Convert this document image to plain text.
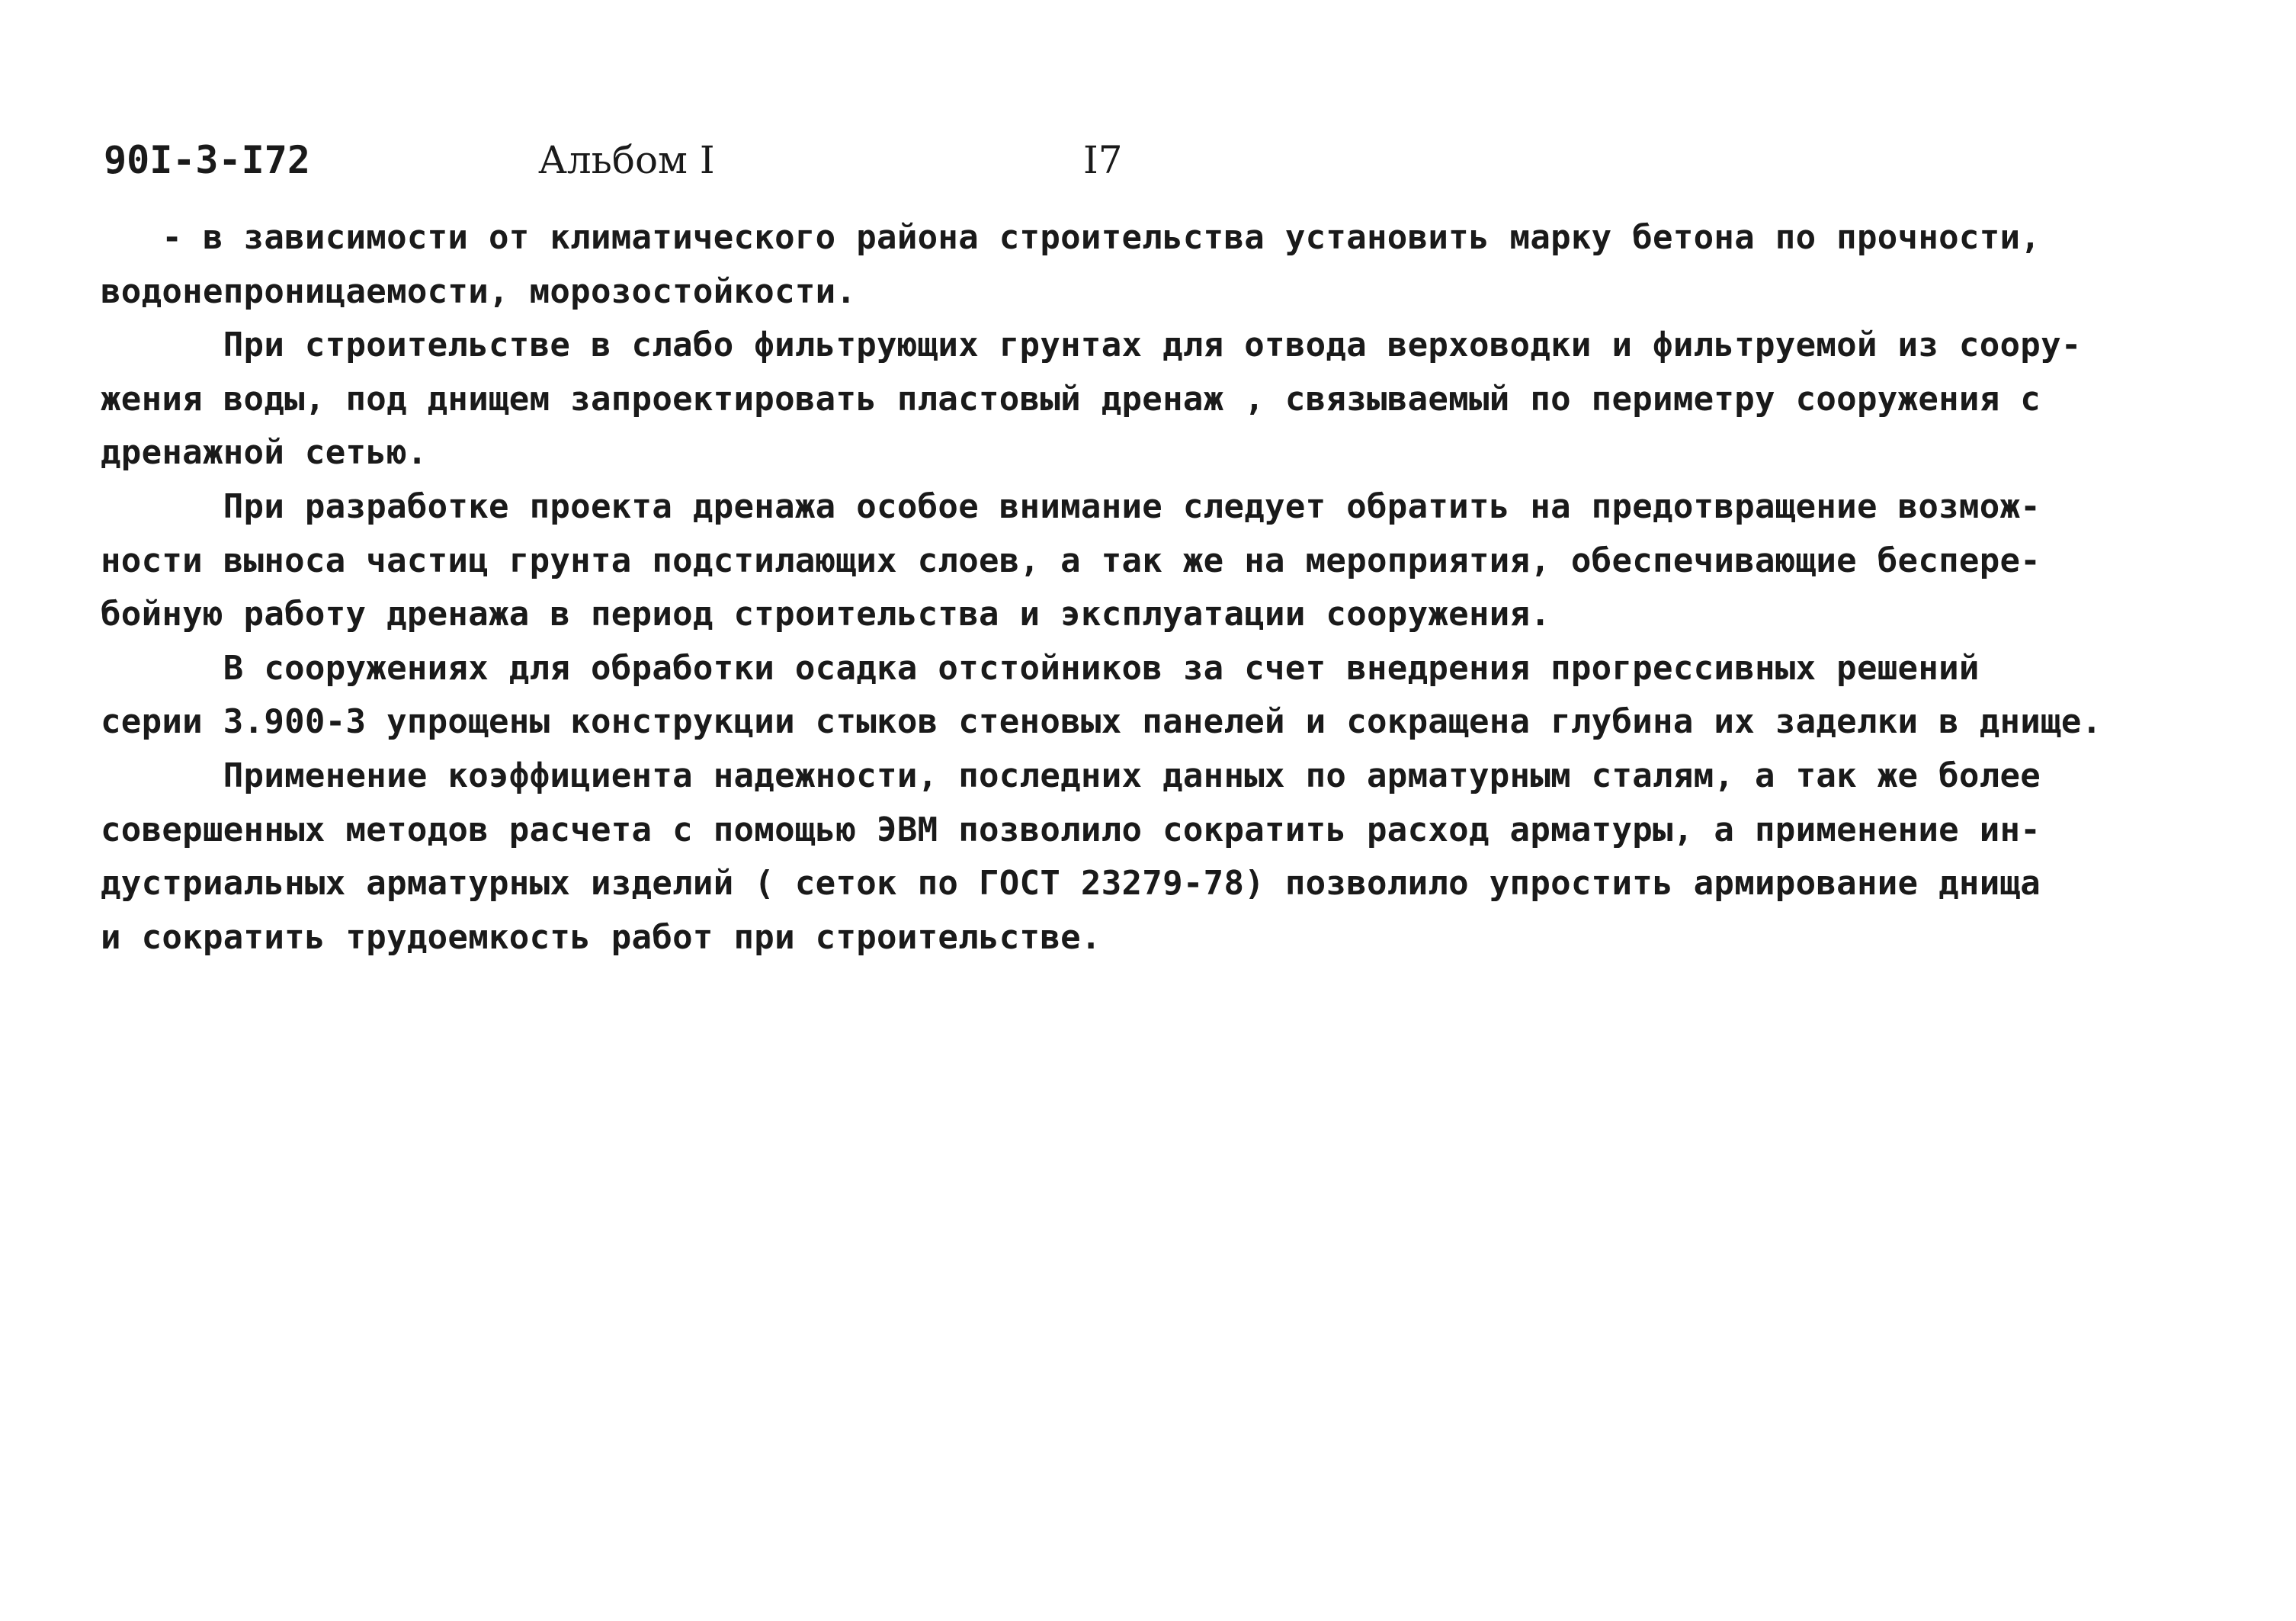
90I-3-I72	Альбом I	I7
- в зависимости от климатического района строительства установить марку бетона по прочности,
водонепроницаемости, морозостойкости.
При строительстве в слабо фильтрующих грунтах для отвода верховодки и фильтруемой из соору-
жения воды, под днищем запроектировать пластовый дренаж , связываемый по периметру сооружения с
дренажной сетью.
При разработке проекта дренажа особое внимание следует обратить на предотвращение возмож-
ности выноса частиц грунта подстилающих слоев, а так же на мероприятия, обеспечивающие беспере-
бойную работу дренажа в период строительства и эксплуатации сооружения.
В сооружениях для обработки осадка отстойников за счет внедрения прогрессивных решений
серии 3.900-3 упрощены конструкции стыков стеновых панелей и сокращена глубина их заделки в днище.
Применение коэффициента надежности, последних данных по арматурным сталям, а так же более
совершенных методов расчета с помощью ЭВМ позволило сократить расход арматуры, а применение ин-
дустриальных арматурных изделий ( сеток по ГОСТ 23279-78) позволило упростить армирование днища
и сократить трудоемкость работ при строительстве.
